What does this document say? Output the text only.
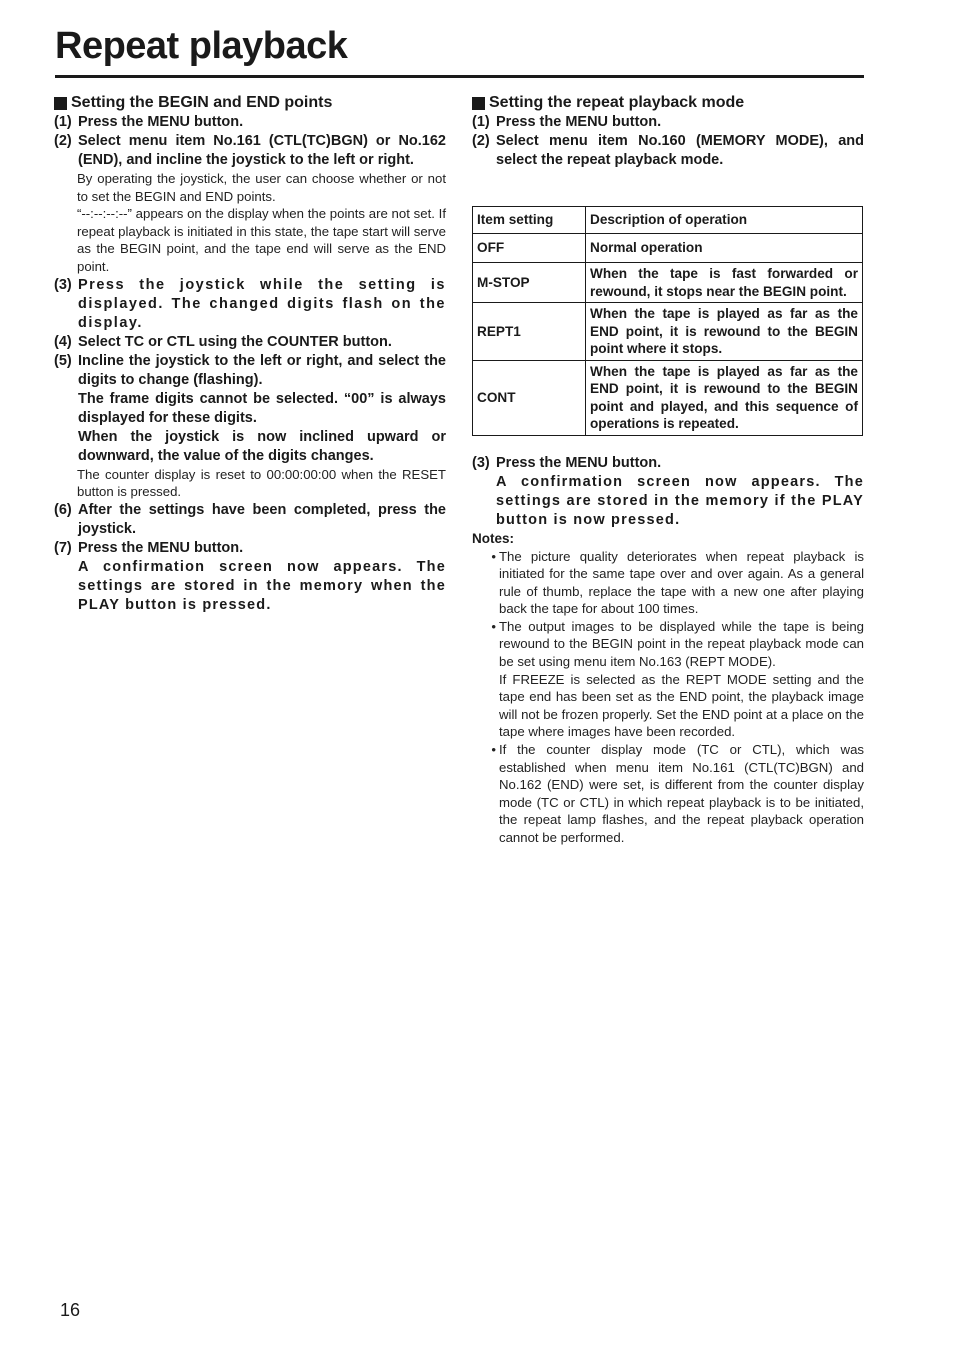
Repeat playback
Setting the BEGIN and END points
(1) Press the MENU button.
(2) Select menu item No.161 (CTL(TC)BGN) or No.162 (END), and incline the joystick to the left or right.
By operating the joystick, the user can choose whether or not to set the BEGIN and END points.
“--:--:--:--” appears on the display when the points are not set. If repeat playback is initiated in this state, the tape start will serve as the BEGIN point, and the tape end will serve as the END point.
(3) Press the joystick while the setting is displayed. The changed digits flash on the display.
(4) Select TC or CTL using the COUNTER button.
(5) Incline the joystick to the left or right, and select the digits to change (flashing).
The frame digits cannot be selected. “00” is always displayed for these digits.
When the joystick is now inclined upward or downward, the value of the digits changes.
The counter display is reset to 00:00:00:00 when the RESET button is pressed.
(6) After the settings have been completed, press the joystick.
(7) Press the MENU button.
A confirmation screen now appears. The settings are stored in the memory when the PLAY button is pressed.
Setting the repeat playback mode
(1) Press the MENU button.
(2) Select menu item No.160 (MEMORY MODE), and select the repeat playback mode.
Item setting	Description of operation
OFF	Normal operation
M-STOP	When the tape is fast forwarded or rewound, it stops near the BEGIN point.
REPT1	When the tape is played as far as the END point, it is rewound to the BEGIN point where it stops.
CONT	When the tape is played as far as the END point, it is rewound to the BEGIN point and played, and this sequence of operations is repeated.
(3) Press the MENU button.
A confirmation screen now appears. The settings are stored in the memory if the PLAY button is now pressed.
Notes:
• The picture quality deteriorates when repeat playback is initiated for the same tape over and over again. As a general rule of thumb, replace the tape with a new one after playing back the tape for about 100 times.
• The output images to be displayed while the tape is being rewound to the BEGIN point in the repeat playback mode can be set using menu item No.163 (REPT MODE).
If FREEZE is selected as the REPT MODE setting and the tape end has been set as the END point, the playback image will not be frozen properly. Set the END point at a place on the tape where images have been recorded.
• If the counter display mode (TC or CTL), which was established when menu item No.161 (CTL(TC)BGN) and No.162 (END) were set, is different from the counter display mode (TC or CTL) in which repeat playback is to be initiated, the repeat lamp flashes, and the repeat playback operation cannot be performed.
16
